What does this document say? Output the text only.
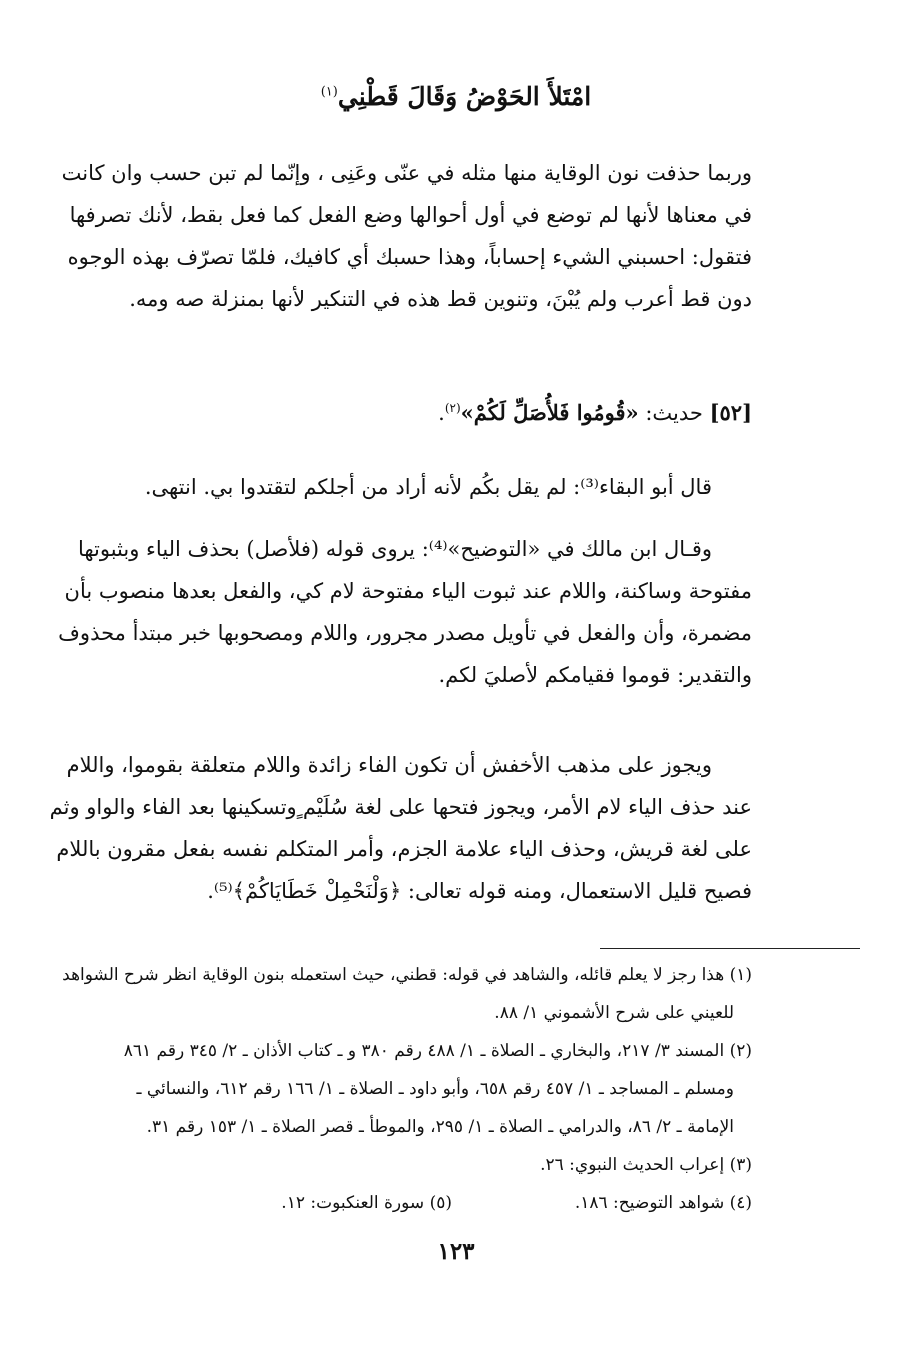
امْتَلأَ الحَوْضُ وَقَالَ قَطْنِي$^{(١)}$
وربما حذفت نون الوقاية منها مثله في عنّى وعَنِى ، وإنّما لم تبن حسب وان كانت
في معناها لأنها لم توضع في أول أحوالها وضع الفعل كما فعل بقط، لأنك تصرفها
فتقول: احسبني الشيء إحساباً، وهذا حسبك أي كافيك، فلمّا تصرّف بهذه الوجوه
دون قط أعرب ولم يُبْنَ، وتنوين قط هذه في التنكير لأنها بمنزلة صه ومه.
[٥٢] حديث: «قُومُوا فَلأُصَلِّ لَكُمْ»$^{(٢)}$.
قال أبو البقاء⁽³⁾: لم يقل بكُم لأنه أراد من أجلكم لتقتدوا بي. انتهى.
وقـال ابن مالك في «التوضيح»⁽⁴⁾: يروى قوله (فلأصل) بحذف الياء وبثبوتها
مفتوحة وساكنة، واللام عند ثبوت الياء مفتوحة لام كي، والفعل بعدها منصوب بأن
مضمرة، وأن والفعل في تأويل مصدر مجرور، واللام ومصحوبها خبر مبتدأ محذوف
والتقدير: قوموا فقيامكم لأصليَ لكم.
ويجوز على مذهب الأخفش أن تكون الفاء زائدة واللام متعلقة بقوموا، واللام
عند حذف الياء لام الأمر، ويجوز فتحها على لغة سُلَيْم ٍوتسكينها بعد الفاء والواو وثم
على لغة قريش، وحذف الياء علامة الجزم، وأمر المتكلم نفسه بفعل مقرون باللام
فصيح قليل الاستعمال، ومنه قوله تعالى: ﴿وَلْنَحْمِلْ خَطَايَاكُمْ﴾⁽⁵⁾.
(١) هذا رجز لا يعلم قائله، والشاهد في قوله: قطني، حيث استعمله بنون الوقاية انظر شرح الشواهد
للعيني على شرح الأشموني ١/ ٨٨.
(٢) المسند ٣/ ٢١٧، والبخاري ـ الصلاة ـ ١/ ٤٨٨ رقم ٣٨٠ و ـ كتاب الأذان ـ ٢/ ٣٤٥ رقم ٨٦١
ومسلم ـ المساجد ـ ١/ ٤٥٧ رقم ٦٥٨، وأبو داود ـ الصلاة ـ ١/ ١٦٦ رقم ٦١٢، والنسائي ـ
الإمامة ـ ٢/ ٨٦، والدرامي ـ الصلاة ـ ١/ ٢٩٥، والموطأ ـ قصر الصلاة ـ ١/ ١٥٣ رقم ٣١.
(٣) إعراب الحديث النبوي: ٢٦.
(٤) شواهد التوضيح: ١٨٦.(٥) سورة العنكبوت: ١٢.
١٢٣
